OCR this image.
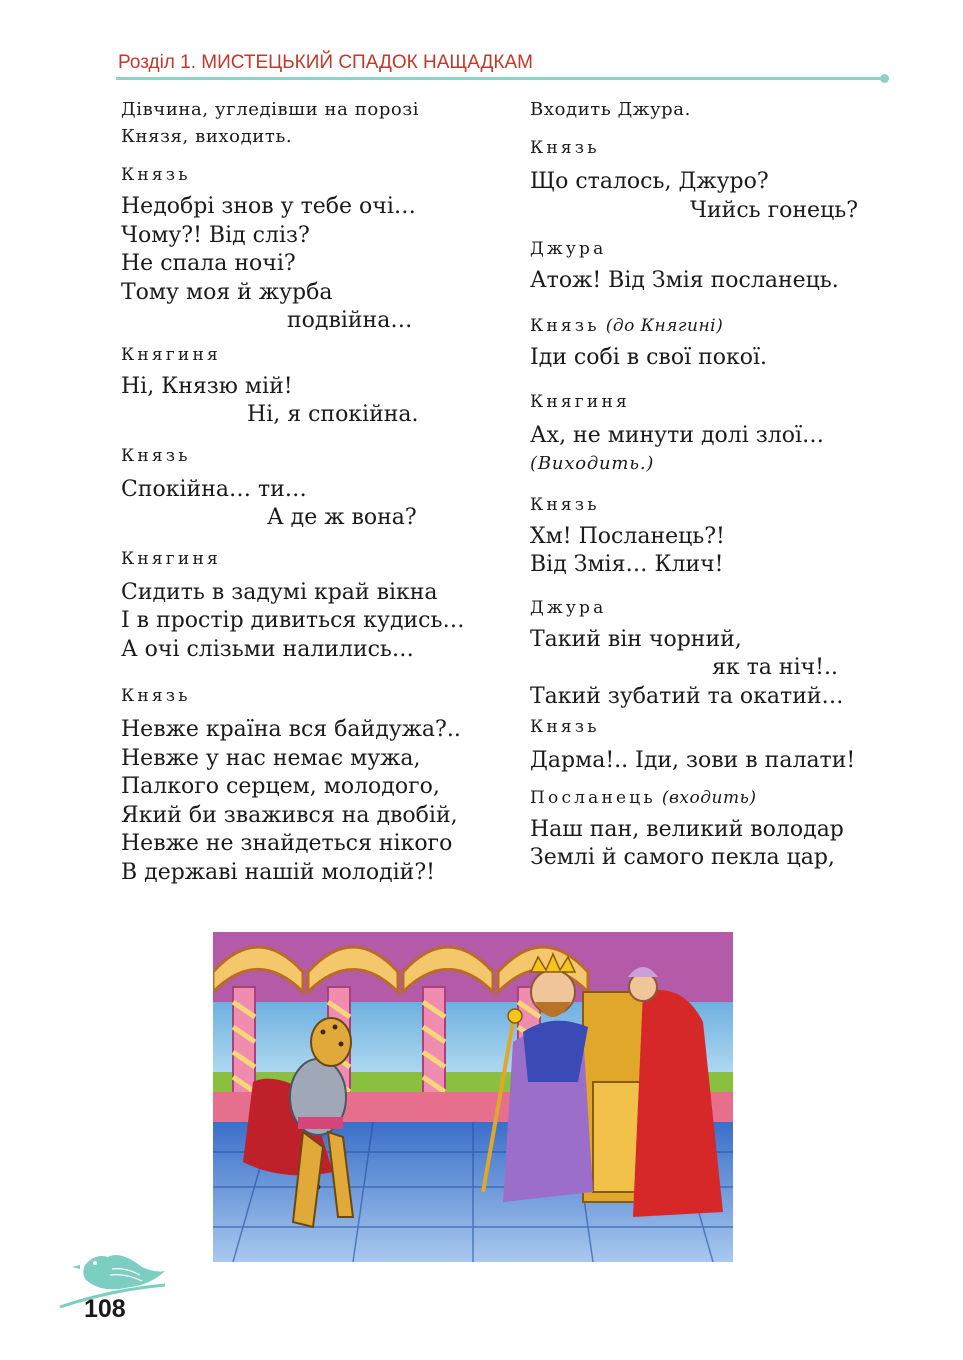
Розділ 1. МИСТЕЦЬКИЙ СПАДОК НАЩАДКАМ
Дівчина, угледівши на порозі
Князя, виходить.
Князь
Недобрі знов у тебе очі…
Чому?! Від сліз?
Не спала ночі?
Тому моя й журба
подвійна…
Княгиня
Ні, Князю мій!
Ні, я спокійна.
Князь
Спокійна… ти…
А де ж вона?
Княгиня
Сидить в задумі край вікна
І в простір дивиться кудись…
А очі слізьми налились…
Князь
Невже країна вся байдужа?..
Невже у нас немає мужа,
Палкого серцем, молодого,
Який би зважився на двобій,
Невже не знайдеться нікого
В державі нашій молодій?!
Входить Джура.
Князь
Що сталось, Джуро?
Чийсь гонець?
Джура
Атож! Від Змія посланець.
Князь (до Княгині)
Іди собі в свої покої.
Княгиня
Ах, не минути долі злої…
(Виходить.)
Князь
Хм! Посланець?!
Від Змія… Клич!
Джура
Такий він чорний,
як та ніч!..
Такий зубатий та окатий…
Князь
Дарма!.. Іди, зови в палати!
Посланець (входить)
Наш пан, великий володар
Землі й самого пекла цар,
108
